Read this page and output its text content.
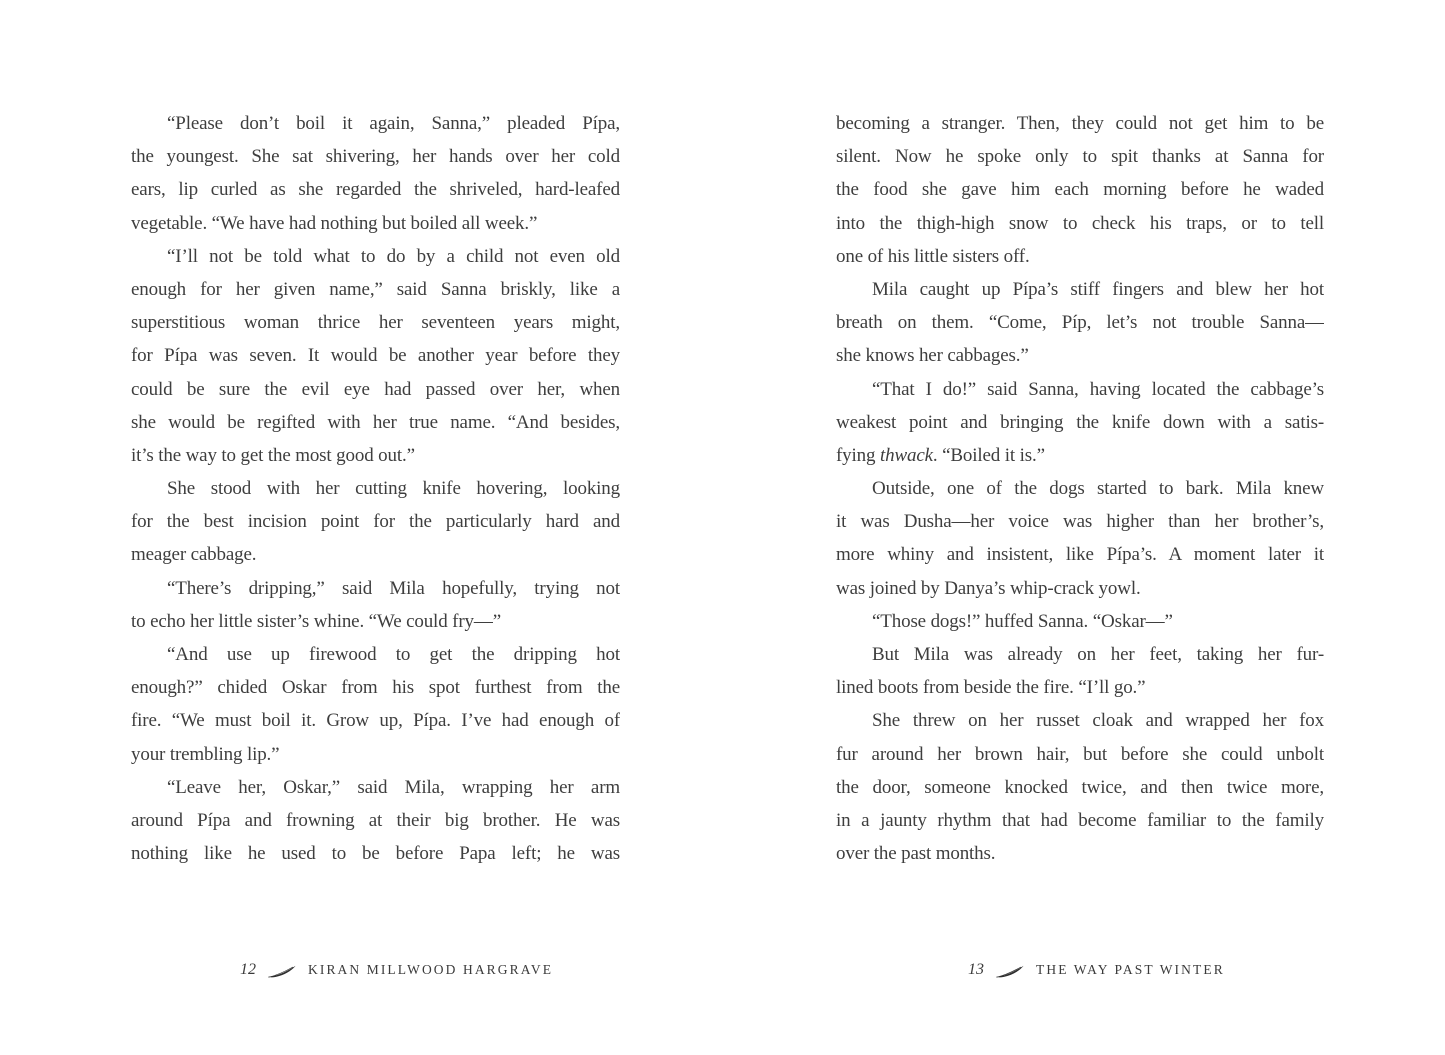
“Please don’t boil it again, Sanna,” pleaded Pípa,
the youngest. She sat shivering, her hands over her cold
ears, lip curled as she regarded the shriveled, hard-leafed
vegetable. “We have had nothing but boiled all week.”
“I’ll not be told what to do by a child not even old
enough for her given name,” said Sanna briskly, like a
superstitious woman thrice her seventeen years might,
for Pípa was seven. It would be another year before they
could be sure the evil eye had passed over her, when
she would be regifted with her true name. “And besides,
it’s the way to get the most good out.”
She stood with her cutting knife hovering, looking
for the best incision point for the particularly hard and
meager cabbage.
“There’s dripping,” said Mila hopefully, trying not
to echo her little sister’s whine. “We could fry—”
“And use up firewood to get the dripping hot
enough?” chided Oskar from his spot furthest from the
fire. “We must boil it. Grow up, Pípa. I’ve had enough of
your trembling lip.”
“Leave her, Oskar,” said Mila, wrapping her arm
around Pípa and frowning at their big brother. He was
nothing like he used to be before Papa left; he was
12	KIRAN MILLWOOD HARGRAVE
becoming a stranger. Then, they could not get him to be
silent. Now he spoke only to spit thanks at Sanna for
the food she gave him each morning before he waded
into the thigh-high snow to check his traps, or to tell
one of his little sisters off.
Mila caught up Pípa’s stiff fingers and blew her hot
breath on them. “Come, Píp, let’s not trouble Sanna—
she knows her cabbages.”
“That I do!” said Sanna, having located the cabbage’s
weakest point and bringing the knife down with a satis-
fying thwack. “Boiled it is.”
Outside, one of the dogs started to bark. Mila knew
it was Dusha—her voice was higher than her brother’s,
more whiny and insistent, like Pípa’s. A moment later it
was joined by Danya’s whip-crack yowl.
“Those dogs!” huffed Sanna. “Oskar—”
But Mila was already on her feet, taking her fur-
lined boots from beside the fire. “I’ll go.”
She threw on her russet cloak and wrapped her fox
fur around her brown hair, but before she could unbolt
the door, someone knocked twice, and then twice more,
in a jaunty rhythm that had become familiar to the family
over the past months.
13	THE WAY PAST WINTER
